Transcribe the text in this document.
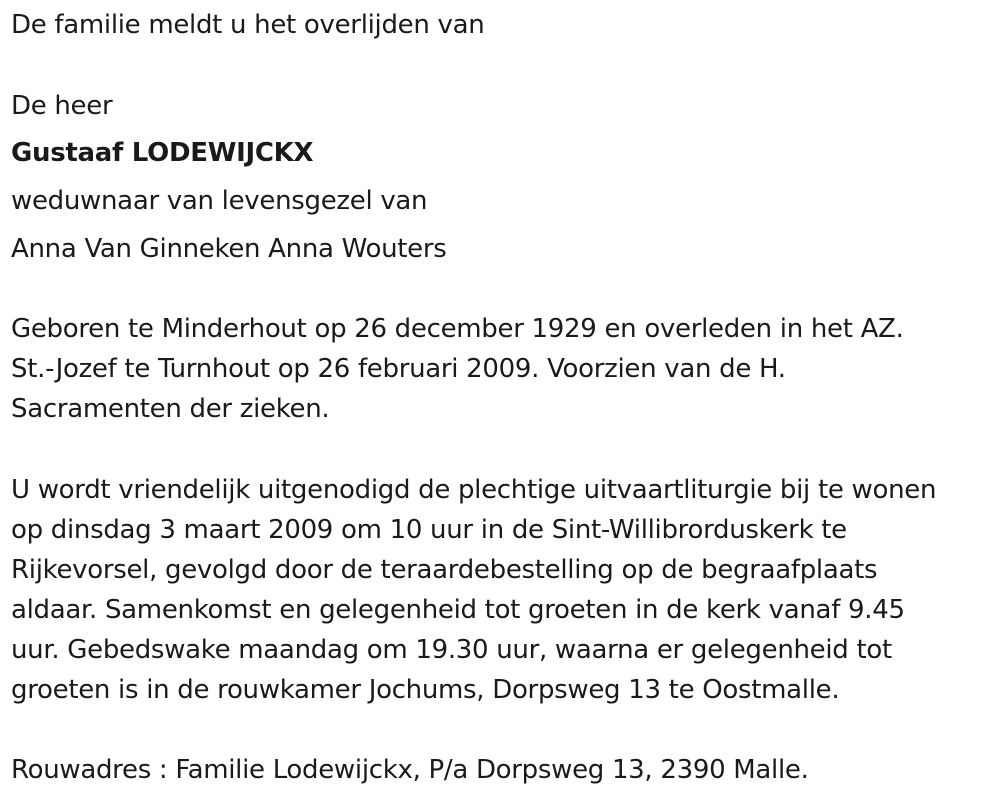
De familie meldt u het overlijden van
De heer
Gustaaf LODEWIJCKX
weduwnaar van levensgezel van
Anna Van Ginneken Anna Wouters
Geboren te Minderhout op 26 december 1929 en overleden in het AZ.
St.-Jozef te Turnhout op 26 februari 2009. Voorzien van de H.
Sacramenten der zieken.
U wordt vriendelijk uitgenodigd de plechtige uitvaartliturgie bij te wonen
op dinsdag 3 maart 2009 om 10 uur in de Sint-Willibrorduskerk te
Rijkevorsel, gevolgd door de teraardebestelling op de begraafplaats
aldaar. Samenkomst en gelegenheid tot groeten in de kerk vanaf 9.45
uur. Gebedswake maandag om 19.30 uur, waarna er gelegenheid tot
groeten is in de rouwkamer Jochums, Dorpsweg 13 te Oostmalle.
Rouwadres : Familie Lodewijckx, P/a Dorpsweg 13, 2390 Malle.
